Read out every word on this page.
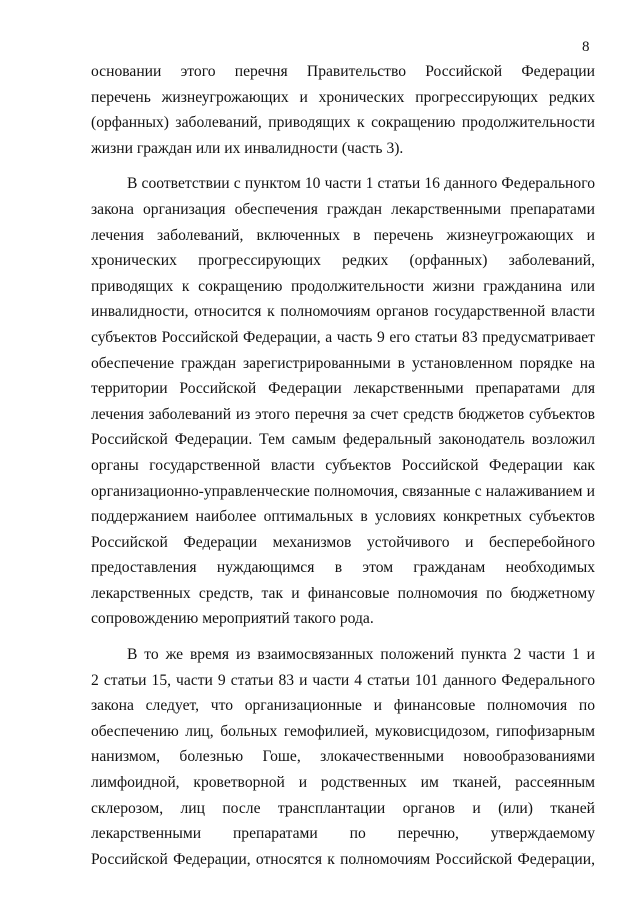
8
основании этого перечня Правительство Российской Федерации
перечень жизнеугрожающих и хронических прогрессирующих редких
(орфанных) заболеваний, приводящих к сокращению продолжительности
жизни граждан или их инвалидности (часть 3).
В соответствии с пунктом 10 части 1 статьи 16 данного Федерального
закона организация обеспечения граждан лекарственными препаратами
лечения заболеваний, включенных в перечень жизнеугрожающих и
хронических прогрессирующих редких (орфанных) заболеваний,
приводящих к сокращению продолжительности жизни гражданина или
инвалидности, относится к полномочиям органов государственной власти
субъектов Российской Федерации, а часть 9 его статьи 83 предусматривает
обеспечение граждан зарегистрированными в установленном порядке на
территории Российской Федерации лекарственными препаратами для
лечения заболеваний из этого перечня за счет средств бюджетов субъектов
Российской Федерации. Тем самым федеральный законодатель возложил
органы государственной власти субъектов Российской Федерации как
организационно-управленческие полномочия, связанные с налаживанием и
поддержанием наиболее оптимальных в условиях конкретных субъектов
Российской Федерации механизмов устойчивого и бесперебойного
предоставления нуждающимся в этом гражданам необходимых
лекарственных средств, так и финансовые полномочия по бюджетному
сопровождению мероприятий такого рода.
В то же время из взаимосвязанных положений пункта 2 части 1 и
2 статьи 15, части 9 статьи 83 и части 4 статьи 101 данного Федерального
закона следует, что организационные и финансовые полномочия по
обеспечению лиц, больных гемофилией, муковисцидозом, гипофизарным
нанизмом, болезнью Гоше, злокачественными новообразованиями
лимфоидной, кроветворной и родственных им тканей, рассеянным
склерозом, лиц после трансплантации органов и (или) тканей
лекарственными препаратами по перечню, утверждаемому
Российской Федерации, относятся к полномочиям Российской Федерации,
